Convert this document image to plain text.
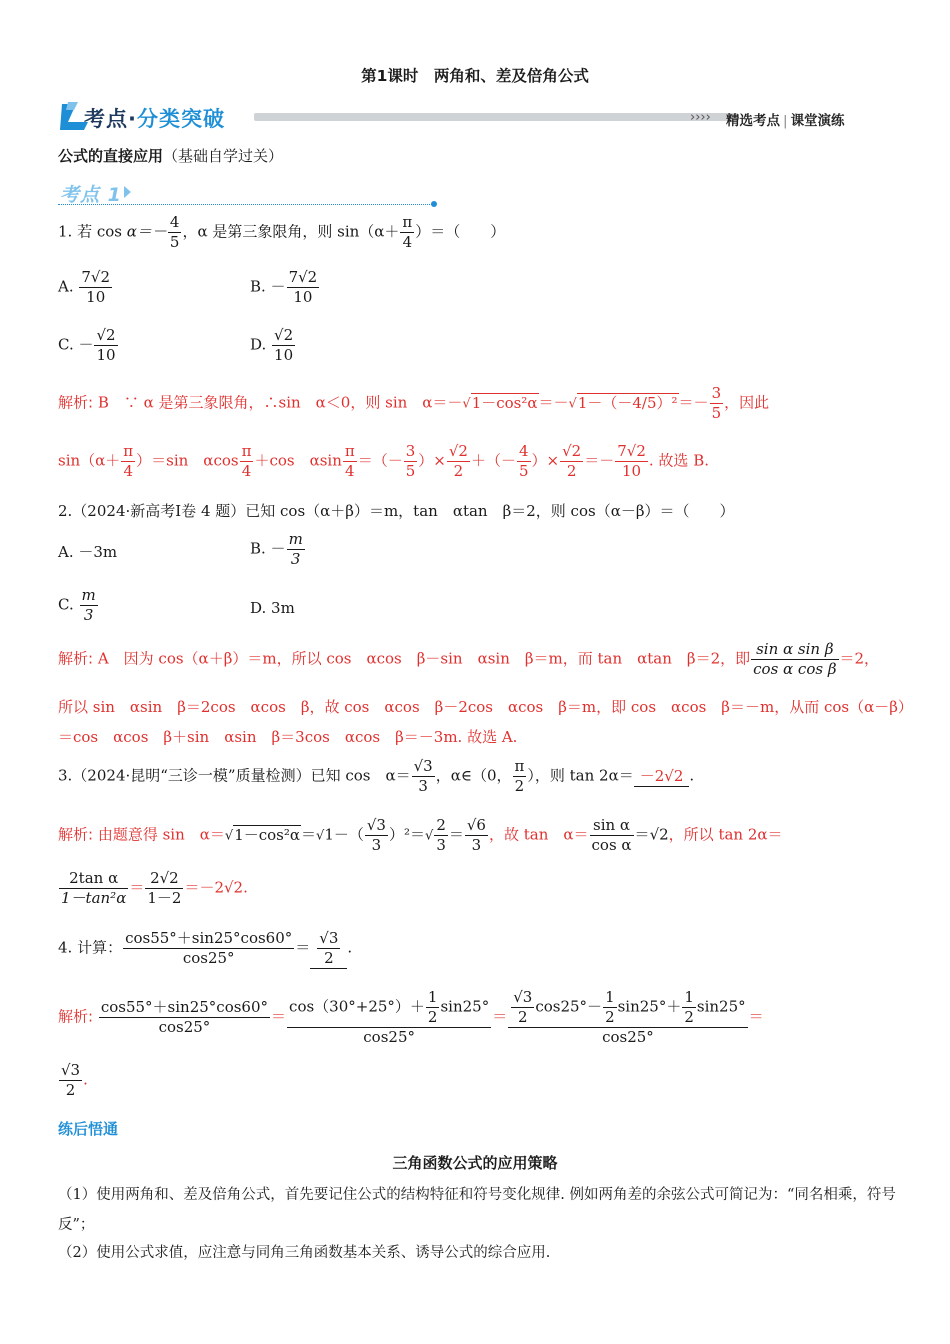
第1课时　两角和、差及倍角公式
考点·分类突破	›››› 精选考点 | 课堂演练
公式的直接应用（基础自学过关）
考点 1
1. 若 $\cos \alpha=- \frac{4}{5}$ ，α 是第三象限角，则 $\sin(\alpha+ \frac{\pi}{4}$ ）＝（　　）
A. $\frac{7√2}{10}$	B. － $\frac{7√2}{10}$
C. － $\frac{√2}{10}$	D. $\frac{√2}{10}$
解析: B　∵ α 是第三象限角，∴sin　α＜0，则 sin　$\alpha=-√1-\cos^2\alpha=-√1-(-4/5)^2=- \frac{3}{5}$ ，因此
$\sin(\alpha+ \frac{\pi}{4} )=\sin$　αcos $\frac{\pi}{4} +\cos$　αsin $\frac{\pi}{4}$ ＝（－ $\frac{3}{5}$ ）× $\frac{√2}{2}$ ＋（－ $\frac{4}{5}$ ）× $\frac{√2}{2} =- \frac{7√2}{10}$ . 故选 B.
2.（2024·新高考Ⅰ卷 4 题）已知 cos（α＋β）＝m，tan　αtan　β＝2，则 cos（α－β）＝（　　）
A. －3m	B. － $\frac{m}{3}$
C. $\frac{m}{3}$	D. 3m
解析: A　因为 cos（α＋β）＝m，所以 cos　αcos　β－sin　αsin　β＝m，而 tan　αtan　β＝2，即 $\frac{\text{sin α sin β}}{\text{cos α cos β}} =2$，
所以 sin　αsin　β＝2cos　αcos　β，故 cos　αcos　β－2cos　αcos　β＝m，即 cos　αcos　β＝－m，从而 cos（α－β）
＝cos　αcos　β＋sin　αsin　β＝3cos　αcos　β＝－3m. 故选 A.
3.（2024·昆明“三诊一模”质量检测）已知 cos　$\alpha= \frac{√3}{3}$ ，α∈（0， $\frac{\pi}{2}$ ），则 tan 2α＝ －2√2 .
解析: 由题意得 sin　$\alpha=√1-\cos^2\alpha=√1-( \frac{√3}{3} )^2=√ \frac{2}{3} = \frac{√6}{3}$ ，故 tan　$\alpha= \frac{\text{sin α}}{\text{cos α}} =√2$，所以 tan 2α＝
$\frac{\text{2tan α}}{\text{1－tan²α}} = \frac{2√2}{1-2} =-2√2$.
4. 计算： $\frac{\cos 55^\circ+\sin 25^\circ\cos 60^\circ}{\cos 25^\circ} = \frac{√3}{2}$ .
解析: $\frac{\cos 55^\circ+\sin 25^\circ\cos 60^\circ}{\cos 25^\circ} = \frac{\cos(30^\circ+25^\circ)+ \frac{1}{2} \sin 25^\circ}{\cos 25^\circ} = \frac{\frac{√3}{2} \cos 25^\circ- \frac{1}{2} \sin 25^\circ+ \frac{1}{2} \sin 25^\circ}{\cos 25^\circ}$ ＝
$\frac{√3}{2}$ .
练后悟通
三角函数公式的应用策略
（1）使用两角和、差及倍角公式，首先要记住公式的结构特征和符号变化规律. 例如两角差的余弦公式可简记为：“同名相乘，符号反”；
（2）使用公式求值，应注意与同角三角函数基本关系、诱导公式的综合应用.
